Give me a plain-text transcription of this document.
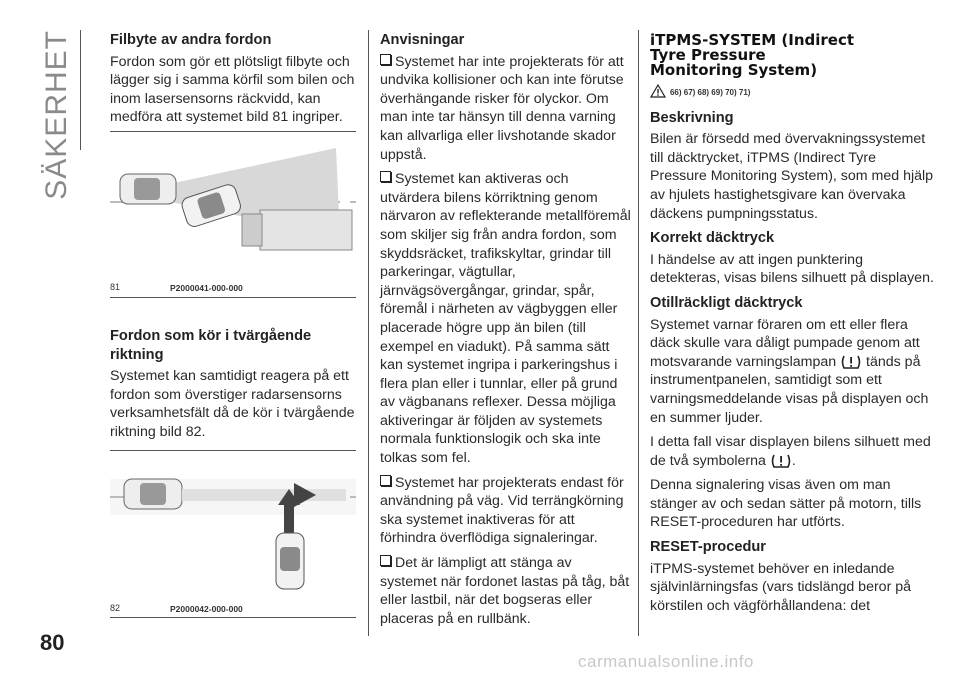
SÄKERHET
80
Filbyte av andra fordon

Fordon som gör ett plötsligt filbyte och lägger sig i samma körfil som bilen och inom lasersensorns räckvidd, kan medföra att systemet bild 81 ingriper.

81	P2000041-000-000
Fordon som kör i tvärgående riktning

Systemet kan samtidigt reagera på ett fordon som överstiger radarsensorns verksamhetsfält då de kör i tvärgående riktning bild 82.

82	P2000042-000-000
Anvisningar

Systemet har inte projekterats för att undvika kollisioner och kan inte förutse överhängande risker för olyckor. Om man inte tar hänsyn till denna varning kan allvarliga eller livshotande skador uppstå.

Systemet kan aktiveras och utvärdera bilens körriktning genom närvaron av reflekterande metallföremål som skiljer sig från andra fordon, som skyddsräcket, trafikskyltar, grindar till parkeringar, vägtullar, järnvägsövergångar, grindar, spår, föremål i närheten av vägbyggen eller placerade högre upp än bilen (till exempel en viadukt). På samma sätt kan systemet ingripa i parkeringshus i flera plan eller i tunnlar, eller på grund av vägbanans reflexer. Dessa möjliga aktiveringar är följden av systemets normala funktionslogik och ska inte tolkas som fel.

Systemet har projekterats endast för användning på väg. Vid terrängkörning ska systemet inaktiveras för att förhindra överflödiga signaleringar.

Det är lämpligt att stänga av systemet när fordonet lastas på tåg, båt eller lastbil, när det bogseras eller placeras på en rullbänk.

iTPMS-SYSTEM (Indirect
Tyre Pressure
Monitoring System)
66) 67) 68) 69) 70) 71)
Beskrivning

Bilen är försedd med övervakningssystemet till däcktrycket, iTPMS (Indirect Tyre Pressure Monitoring System), som med hjälp av hjulets hastighetsgivare kan övervaka däckens pumpningsstatus.

Korrekt däcktryck

I händelse av att ingen punktering detekteras, visas bilens silhuett på displayen.

Otillräckligt däcktryck

Systemet varnar föraren om ett eller flera däck skulle vara dåligt pumpade genom att motsvarande varningslampan tänds på instrumentpanelen, samtidigt som ett varningsmeddelande visas på displayen och en summer ljuder.

I detta fall visar displayen bilens silhuett med de två symbolerna .

Denna signalering visas även om man stänger av och sedan sätter på motorn, tills RESET-proceduren har utförts.

RESET-procedur

iTPMS-systemet behöver en inledande självinlärningsfas (vars tidslängd beror på körstilen och vägförhållandena: det

carmanualsonline.info
